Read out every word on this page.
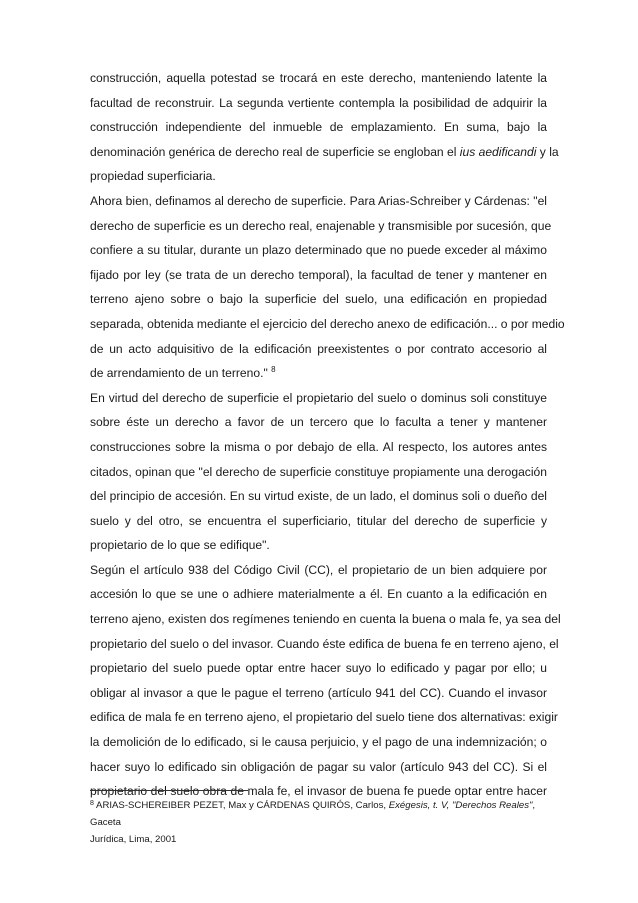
construcción, aquella potestad se trocará en este derecho, manteniendo latente la
facultad de reconstruir. La segunda vertiente contempla la posibilidad de adquirir la
construcción independiente del inmueble de emplazamiento. En suma, bajo la
denominación genérica de derecho real de superficie se engloban el ius aedificandi y la
propiedad superficiaria.
Ahora bien, definamos al derecho de superficie. Para Arias-Schreiber y Cárdenas: "el
derecho de superficie es un derecho real, enajenable y transmisible por sucesión, que
confiere a su titular, durante un plazo determinado que no puede exceder al máximo
fijado por ley (se trata de un derecho temporal), la facultad de tener y mantener en
terreno ajeno sobre o bajo la superficie del suelo, una edificación en propiedad
separada, obtenida mediante el ejercicio del derecho anexo de edificación... o por medio
de un acto adquisitivo de la edificación preexistentes o por contrato accesorio al
de arrendamiento de un terreno." $^8$
En virtud del derecho de superficie el propietario del suelo o dominus soli constituye
sobre éste un derecho a favor de un tercero que lo faculta a tener y mantener
construcciones sobre la misma o por debajo de ella. Al respecto, los autores antes
citados, opinan que "el derecho de superficie constituye propiamente una derogación
del principio de accesión. En su virtud existe, de un lado, el dominus soli o dueño del
suelo y del otro, se encuentra el superficiario, titular del derecho de superficie y
propietario de lo que se edifique".
Según el artículo 938 del Código Civil (CC), el propietario de un bien adquiere por
accesión lo que se une o adhiere materialmente a él. En cuanto a la edificación en
terreno ajeno, existen dos regímenes teniendo en cuenta la buena o mala fe, ya sea del
propietario del suelo o del invasor. Cuando éste edifica de buena fe en terreno ajeno, el
propietario del suelo puede optar entre hacer suyo lo edificado y pagar por ello; u
obligar al invasor a que le pague el terreno (artículo 941 del CC). Cuando el invasor
edifica de mala fe en terreno ajeno, el propietario del suelo tiene dos alternativas: exigir
la demolición de lo edificado, si le causa perjuicio, y el pago de una indemnización; o
hacer suyo lo edificado sin obligación de pagar su valor (artículo 943 del CC). Si el
propietario del suelo obra de mala fe, el invasor de buena fe puede optar entre hacer
$^8$ ARIAS-SCHEREIBER PEZET, Max y CÁRDENAS QUIRÓS, Carlos, Exégesis, t. V, "Derechos Reales", Gaceta
Jurídica, Lima, 2001
